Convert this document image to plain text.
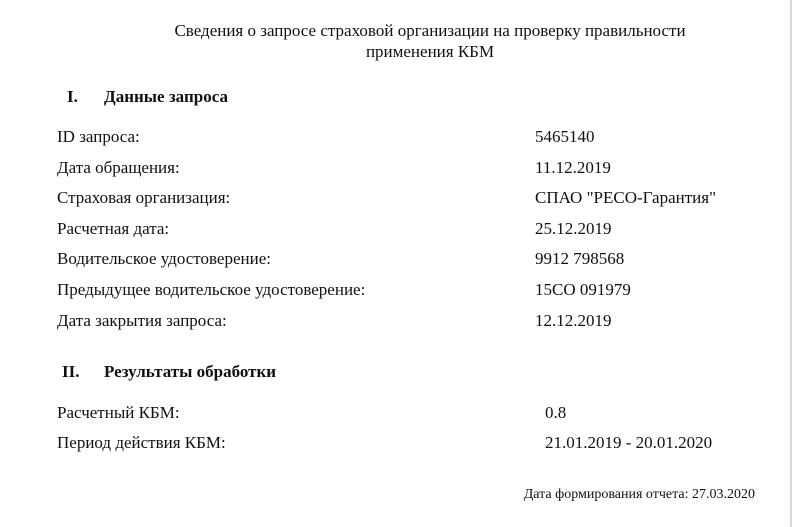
Сведения о запросе страховой организации на проверку правильности
применения КБМ
I. Данные запроса
ID запроса:	5465140
Дата обращения:	11.12.2019
Страховая организация:	СПАО "РЕСО-Гарантия"
Расчетная дата:	25.12.2019
Водительское удостоверение:	9912 798568
Предыдущее водительское удостоверение:	15СО 091979
Дата закрытия запроса:	12.12.2019
II. Результаты обработки
Расчетный КБМ:	0.8
Период действия КБМ:	21.01.2019 - 20.01.2020
Дата формирования отчета: 27.03.2020
